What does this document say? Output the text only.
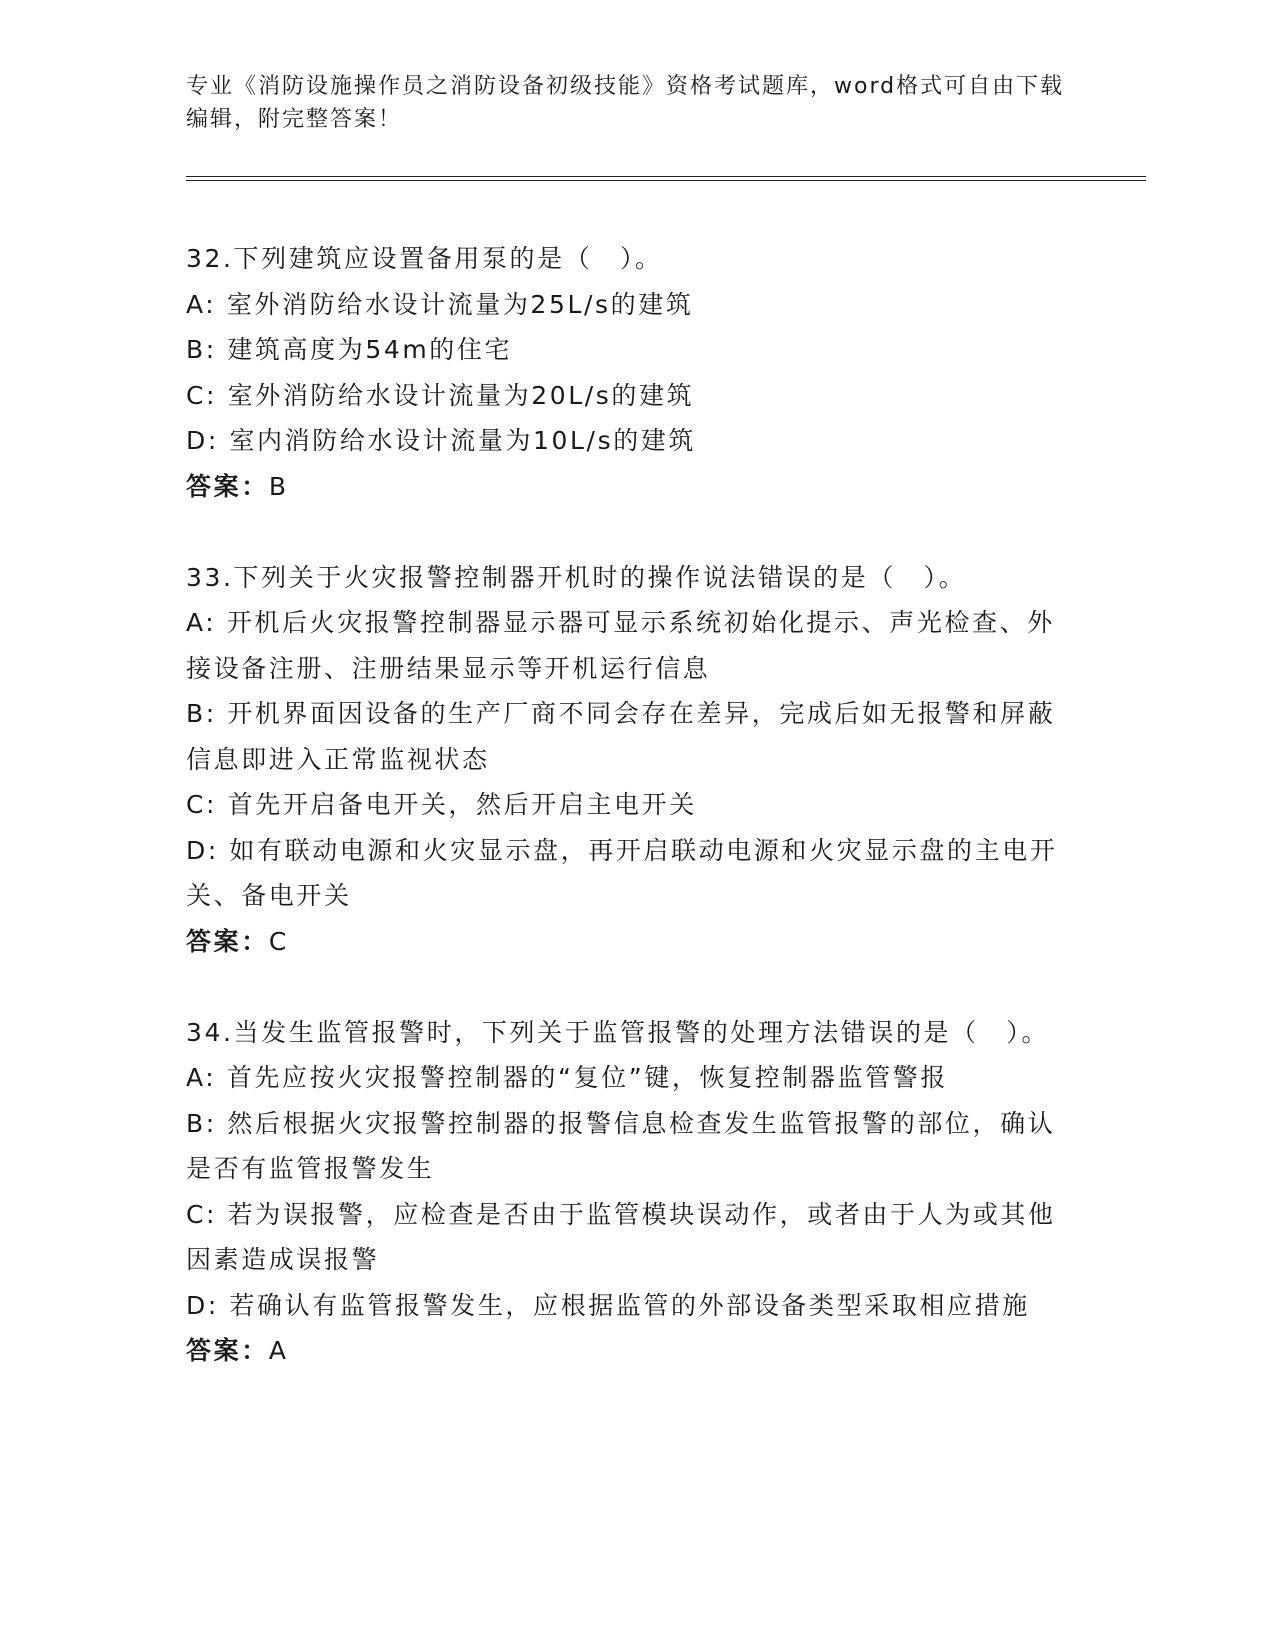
专业《消防设施操作员之消防设备初级技能》资格考试题库，word格式可自由下载编辑，附完整答案！

32.下列建筑应设置备用泵的是（　）。

A: 室外消防给水设计流量为25L/s的建筑

B: 建筑高度为54m的住宅

C: 室外消防给水设计流量为20L/s的建筑

D: 室内消防给水设计流量为10L/s的建筑

答案：B

33.下列关于火灾报警控制器开机时的操作说法错误的是（　）。

A: 开机后火灾报警控制器显示器可显示系统初始化提示、声光检查、外接设备注册、注册结果显示等开机运行信息

B: 开机界面因设备的生产厂商不同会存在差异，完成后如无报警和屏蔽信息即进入正常监视状态

C: 首先开启备电开关，然后开启主电开关

D: 如有联动电源和火灾显示盘，再开启联动电源和火灾显示盘的主电开关、备电开关

答案：C

34.当发生监管报警时，下列关于监管报警的处理方法错误的是（　）。

A: 首先应按火灾报警控制器的“复位”键，恢复控制器监管警报

B: 然后根据火灾报警控制器的报警信息检查发生监管报警的部位，确认是否有监管报警发生

C: 若为误报警，应检查是否由于监管模块误动作，或者由于人为或其他因素造成误报警

D: 若确认有监管报警发生，应根据监管的外部设备类型采取相应措施

答案：A
